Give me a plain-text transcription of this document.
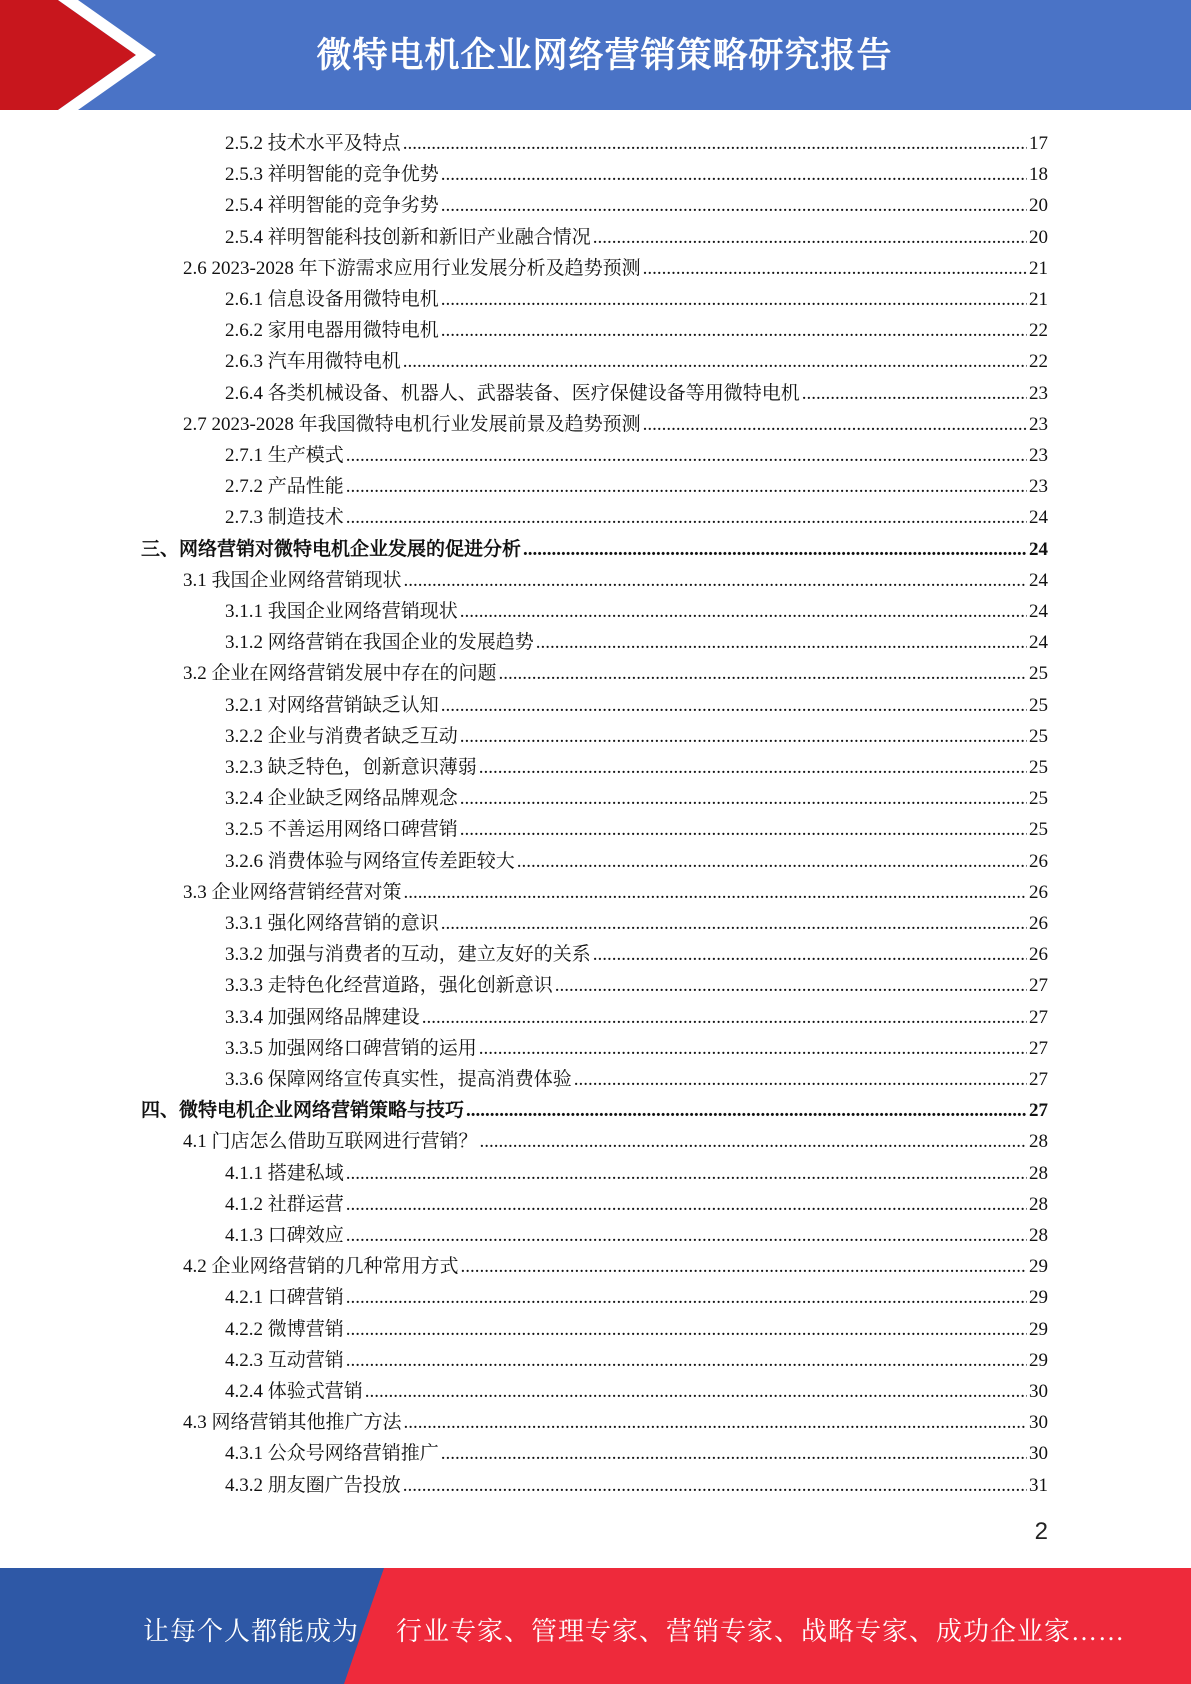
微特电机企业网络营销策略研究报告
2.5.2 技术水平及特点 .....	17
2.5.3 祥明智能的竞争优势 .....	18
2.5.4 祥明智能的竞争劣势 .....	20
2.5.4 祥明智能科技创新和新旧产业融合情况 .....	20
2.6 2023-2028 年下游需求应用行业发展分析及趋势预测 .....	21
2.6.1 信息设备用微特电机 .....	21
2.6.2 家用电器用微特电机 .....	22
2.6.3 汽车用微特电机 .....	22
2.6.4 各类机械设备、机器人、武器装备、医疗保健设备等用微特电机 .....	23
2.7 2023-2028 年我国微特电机行业发展前景及趋势预测 .....	23
2.7.1 生产模式 .....	23
2.7.2 产品性能 .....	23
2.7.3 制造技术 .....	24
三、网络营销对微特电机企业发展的促进分析 .....	24
3.1 我国企业网络营销现状 .....	24
3.1.1 我国企业网络营销现状 .....	24
3.1.2 网络营销在我国企业的发展趋势 .....	24
3.2 企业在网络营销发展中存在的问题 .....	25
3.2.1 对网络营销缺乏认知 .....	25
3.2.2 企业与消费者缺乏互动 .....	25
3.2.3 缺乏特色，创新意识薄弱 .....	25
3.2.4 企业缺乏网络品牌观念 .....	25
3.2.5 不善运用网络口碑营销 .....	25
3.2.6 消费体验与网络宣传差距较大 .....	26
3.3 企业网络营销经营对策 .....	26
3.3.1 强化网络营销的意识 .....	26
3.3.2 加强与消费者的互动，建立友好的关系 .....	26
3.3.3 走特色化经营道路，强化创新意识 .....	27
3.3.4 加强网络品牌建设 .....	27
3.3.5 加强网络口碑营销的运用 .....	27
3.3.6 保障网络宣传真实性，提高消费体验 .....	27
四、微特电机企业网络营销策略与技巧 .....	27
4.1 门店怎么借助互联网进行营销？ .....	28
4.1.1 搭建私域 .....	28
4.1.2 社群运营 .....	28
4.1.3 口碑效应 .....	28
4.2 企业网络营销的几种常用方式 .....	29
4.2.1 口碑营销 .....	29
4.2.2 微博营销 .....	29
4.2.3 互动营销 .....	29
4.2.4 体验式营销 .....	30
4.3 网络营销其他推广方法 .....	30
4.3.1 公众号网络营销推广 .....	30
4.3.2 朋友圈广告投放 .....	31
2
让每个人都能成为 行业专家、管理专家、营销专家、战略专家、成功企业家……
